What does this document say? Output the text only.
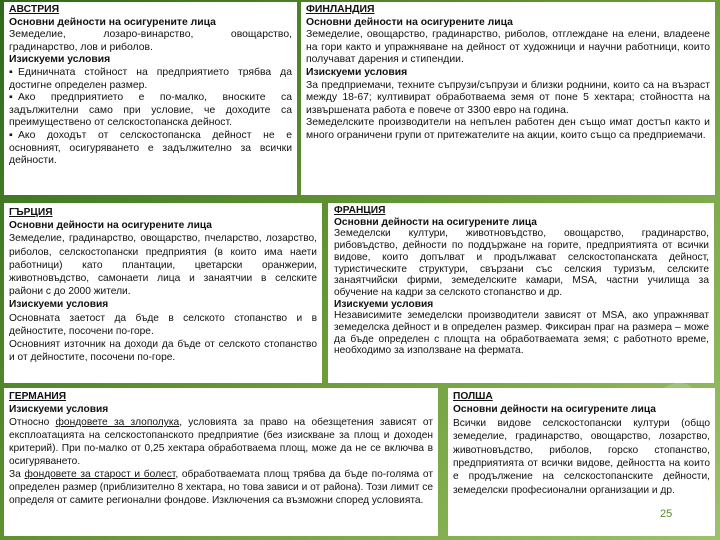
АВСТРИЯ
Основни дейности на осигурените лица
Земеделие, лозаро-винарство, овощарство, градинарство, лов и риболов.
Изискуеми условия
▪ Единичната стойност на предприятието трябва да достигне определен размер.
▪ Ако предприятието е по-малко, вноските са задължителни само при условие, че доходите са преимуществено от селскостопанска дейност.
▪ Ако доходът от селскостопанска дейност не е основният, осигуряването е задължително за всички дейности.
ФИНЛАНДИЯ
Основни дейности на осигурените лица
Земеделие, овощарство, градинарство, риболов, отглеждане на елени, владеене на гори както и упражняване на дейност от художници и научни работници, които получават дарения и стипендии.
Изискуеми условия
За предприемачи, техните съпрузи/съпрузи и близки роднини, които са на възраст между 18-67; култивират обработваема земя от поне 5 хектара; стойността на извършената работа е повече от 3300 евро на година.
Земеделските производители на непълен работен ден също имат достъп както и много ограничени групи от притежателите на акции, които също са предприемачи.
ГЪРЦИЯ
Основни дейности на осигурените лица
Земеделие, градинарство, овощарство, пчеларство, лозарство, риболов, селскостопански предприятия (в които има наети работници) като плантации, цветарски оранжерии, животновъдство, самонаети лица и занаятчии в селските райони с до 2000 жители.
Изискуеми условия
Основната заетост да бъде в селското стопанство и в дейностите, посочени по-горе.
Основният източник на доходи да бъде от селското стопанство и от дейностите, посочени по-горе.
ФРАНЦИЯ
Основни дейности на осигурените лица
Земеделски култури, животновъдство, овощарство, градинарство, рибовъдство, дейности по поддържане на горите, предприятията от всички видове, които допълват и продължават селскостопанската дейност, туристическите структури, свързани със селския туризъм, селските занаятчийски фирми, земеделските камари, MSA, частни училища за обучение на кадри за селското стопанство и др.
Изискуеми условия
Независимите земеделски производители зависят от MSA, ако упражняват земеделска дейност и в определен размер. Фиксиран праг на размера – може да бъде определен с площта на обработваемата земя; с работното време, необходимо за използване на фермата.
ГЕРМАНИЯ
Изискуеми условия
Относно фондовете за злополука, условията за право на обезщетения зависят от експлоатацията на селскостопанското предприятие (без изискване за площ и доходен критерий). При по-малко от 0,25 хектара обработваема площ, може да не се включва в осигуряването.
За фондовете за старост и болест, обработваемата площ трябва да бъде по-голяма от определен размер (приблизително 8 хектара, но това зависи и от района). Този лимит се определя от самите регионални фондове. Изключения са възможни според условията.
ПОЛША
Основни дейности на осигурените лица
Всички видове селскостопански култури (общо земеделие, градинарство, овощарство, лозарство, животновъдство, риболов, горско стопанство, предприятията от всички видове, дейността на които е продължение на селскостопанските дейности, земеделски професионални организации и др.
25
